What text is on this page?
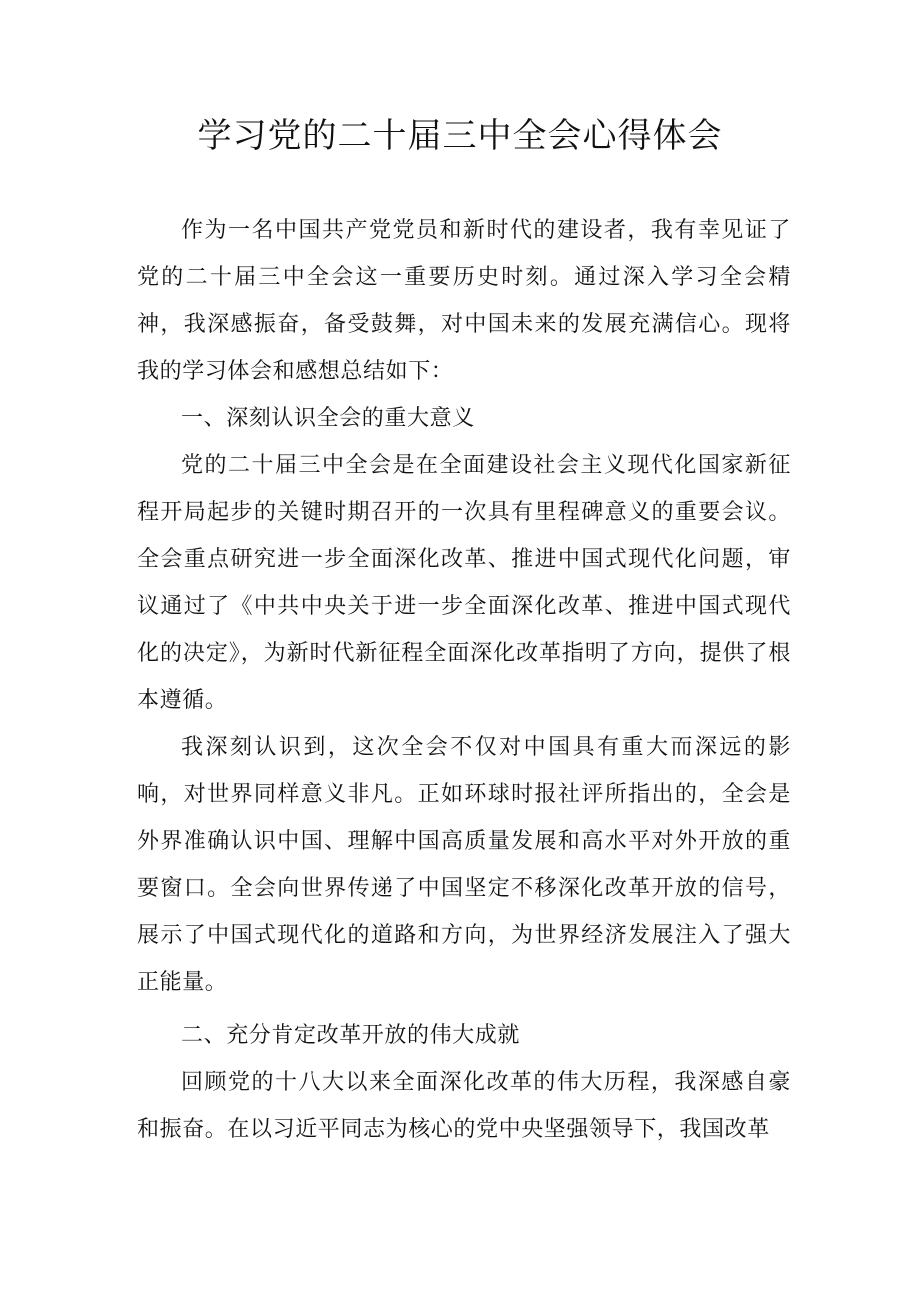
学习党的二十届三中全会心得体会

作为一名中国共产党党员和新时代的建设者，我有幸见证了党的二十届三中全会这一重要历史时刻。通过深入学习全会精神，我深感振奋，备受鼓舞，对中国未来的发展充满信心。现将我的学习体会和感想总结如下：

一、深刻认识全会的重大意义

党的二十届三中全会是在全面建设社会主义现代化国家新征程开局起步的关键时期召开的一次具有里程碑意义的重要会议。全会重点研究进一步全面深化改革、推进中国式现代化问题，审议通过了《中共中央关于进一步全面深化改革、推进中国式现代化的决定》，为新时代新征程全面深化改革指明了方向，提供了根本遵循。

我深刻认识到，这次全会不仅对中国具有重大而深远的影响，对世界同样意义非凡。正如环球时报社评所指出的，全会是外界准确认识中国、理解中国高质量发展和高水平对外开放的重要窗口。全会向世界传递了中国坚定不移深化改革开放的信号，展示了中国式现代化的道路和方向，为世界经济发展注入了强大正能量。

二、充分肯定改革开放的伟大成就

回顾党的十八大以来全面深化改革的伟大历程，我深感自豪和振奋。在以习近平同志为核心的党中央坚强领导下，我国改革
